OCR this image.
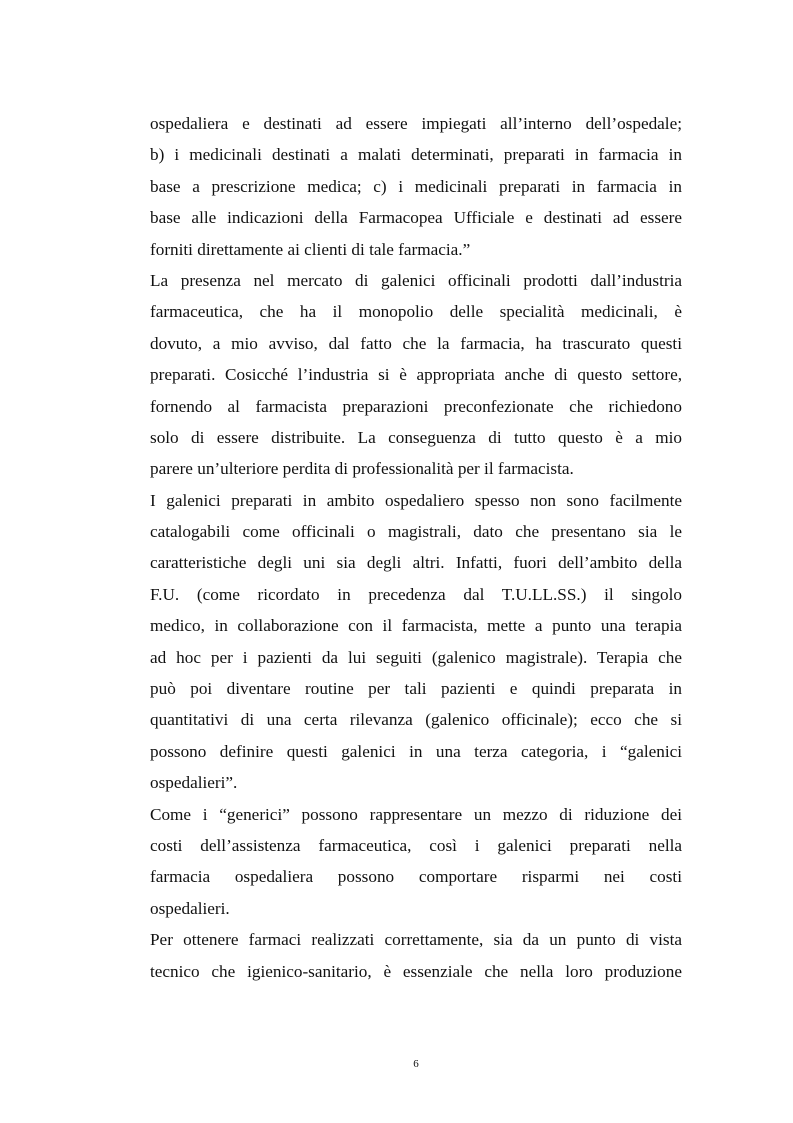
ospedaliera e destinati ad essere impiegati all’interno dell’ospedale;
b) i medicinali destinati a malati determinati, preparati in farmacia in
base a prescrizione medica; c) i medicinali preparati in farmacia in
base alle indicazioni della Farmacopea Ufficiale e destinati ad essere
forniti direttamente ai clienti di tale farmacia.”
La presenza nel mercato di galenici officinali prodotti dall’industria
farmaceutica, che ha il monopolio delle specialità medicinali, è
dovuto, a mio avviso, dal fatto che la farmacia, ha trascurato questi
preparati. Cosicché l’industria si è appropriata anche di questo settore,
fornendo al farmacista preparazioni preconfezionate che richiedono
solo di essere distribuite. La conseguenza di tutto questo è a mio
parere un’ulteriore perdita di professionalità per il farmacista.
I galenici preparati in ambito ospedaliero spesso non sono facilmente
catalogabili come officinali o magistrali, dato che presentano sia le
caratteristiche degli uni sia degli altri. Infatti, fuori dell’ambito della
F.U. (come ricordato in precedenza dal T.U.LL.SS.) il singolo
medico, in collaborazione con il farmacista, mette a punto una terapia
ad hoc per i pazienti da lui seguiti (galenico magistrale). Terapia che
può poi diventare routine per tali pazienti e quindi preparata in
quantitativi di una certa rilevanza (galenico officinale); ecco che si
possono definire questi galenici in una terza categoria, i “galenici
ospedalieri”.
Come i “generici” possono rappresentare un mezzo di riduzione dei
costi dell’assistenza farmaceutica, così i galenici preparati nella
farmacia ospedaliera possono comportare risparmi nei costi
ospedalieri.
Per ottenere farmaci realizzati correttamente, sia da un punto di vista
tecnico che igienico-sanitario, è essenziale che nella loro produzione
6
